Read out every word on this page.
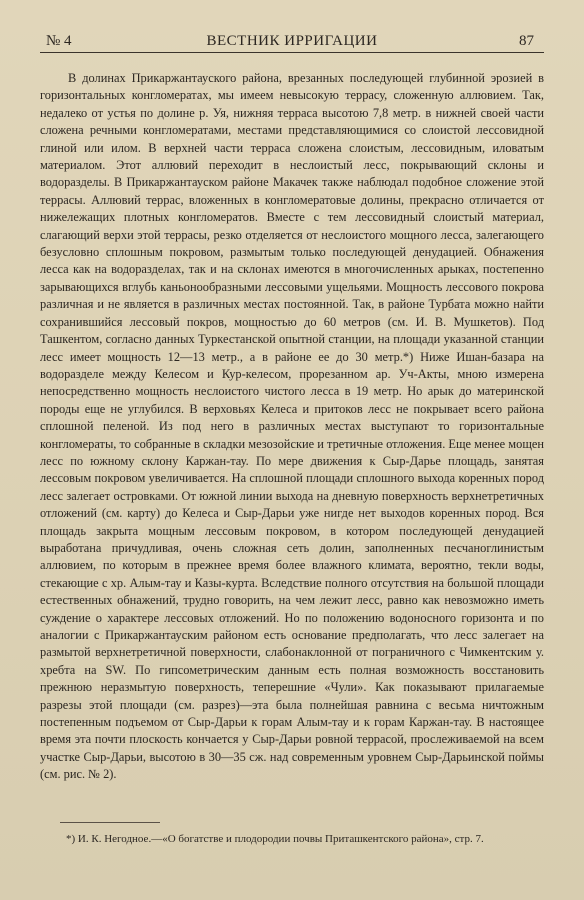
№ 4	ВЕСТНИК ИРРИГАЦИИ	87
В долинах Прикаржантауского района, врезанных последующей глубинной эрозией в горизонтальных конгломератах, мы имеем невысокую террасу, сложенную аллювием. Так, недалеко от устья по долине р. Уя, нижняя терраса высотою 7,8 метр. в нижней своей части сложена речными конгломератами, местами представляющимися со слоистой лессовидной глиной или илом. В верхней части терраса сложена слоистым, лессовидным, иловатым материалом. Этот аллювий переходит в неслоистый лесс, покрывающий склоны и водоразделы. В Прикаржантауском районе Макачек также наблюдал подобное сложение этой террасы. Аллювий террас, вложенных в конгломератовые долины, прекрасно отличается от нижележащих плотных конгломератов. Вместе с тем лессовидный слоистый материал, слагающий верхи этой террасы, резко отделяется от неслоистого мощного лесса, залегающего безусловно сплошным покровом, размытым только последующей денудацией. Обнажения лесса как на водоразделах, так и на склонах имеются в многочисленных арыках, постепенно зарывающихся вглубь каньонообразными лессовыми ущельями. Мощность лессового покрова различная и не является в различных местах постоянной. Так, в районе Турбата можно найти сохранившийся лессовый покров, мощностью до 60 метров (см. И. В. Мушкетов). Под Ташкентом, согласно данных Туркестанской опытной станции, на площади указанной станции лесс имеет мощность 12—13 метр., а в районе ее до 30 метр.*) Ниже Ишан-базара на водоразделе между Келесом и Кур-келесом, прорезанном ар. Уч-Акты, мною измерена непосредственно мощность неслоистого чистого лесса в 19 метр. Но арык до материнской породы еще не углубился. В верховьях Келеса и притоков лесс не покрывает всего района сплошной пеленой. Из под него в различных местах выступают то горизонтальные конгломераты, то собранные в складки мезозойские и третичные отложения. Еще менее мощен лесс по южному склону Каржан-тау. По мере движения к Сыр-Дарье площадь, занятая лессовым покровом увеличивается. На сплошной площади сплошного выхода коренных пород лесс залегает островками. От южной линии выхода на дневную поверхность верхнетретичных отложений (см. карту) до Келеса и Сыр-Дарьи уже нигде нет выходов коренных пород. Вся площадь закрыта мощным лессовым покровом, в котором последующей денудацией выработана причудливая, очень сложная сеть долин, заполненных песчаноглинистым аллювием, по которым в прежнее время более влажного климата, вероятно, текли воды, стекающие с хр. Алым-тау и Казы-курта. Вследствие полного отсутствия на большой площади естественных обнажений, трудно говорить, на чем лежит лесс, равно как невозможно иметь суждение о характере лессовых отложений. Но по положению водоносного горизонта и по аналогии с Прикаржантауским районом есть основание предполагать, что лесс залегает на размытой верхнетретичной поверхности, слабонаклонной от пограничного с Чимкентским у. хребта на SW. По гипсометрическим данным есть полная возможность восстановить прежнюю неразмытую поверхность, теперешние «Чули». Как показывают прилагаемые разрезы этой площади (см. разрез)—эта была полнейшая равнина с весьма ничтожным постепенным подъемом от Сыр-Дарьи к горам Алым-тау и к горам Каржан-тау. В настоящее время эта почти плоскость кончается у Сыр-Дарьи ровной террасой, прослеживаемой на всем участке Сыр-Дарьи, высотою в 30—35 сж. над современным уровнем Сыр-Дарьинской поймы (см. рис. № 2).
*) И. К. Негодное.—«О богатстве и плодородии почвы Приташкентского района», стр. 7.
